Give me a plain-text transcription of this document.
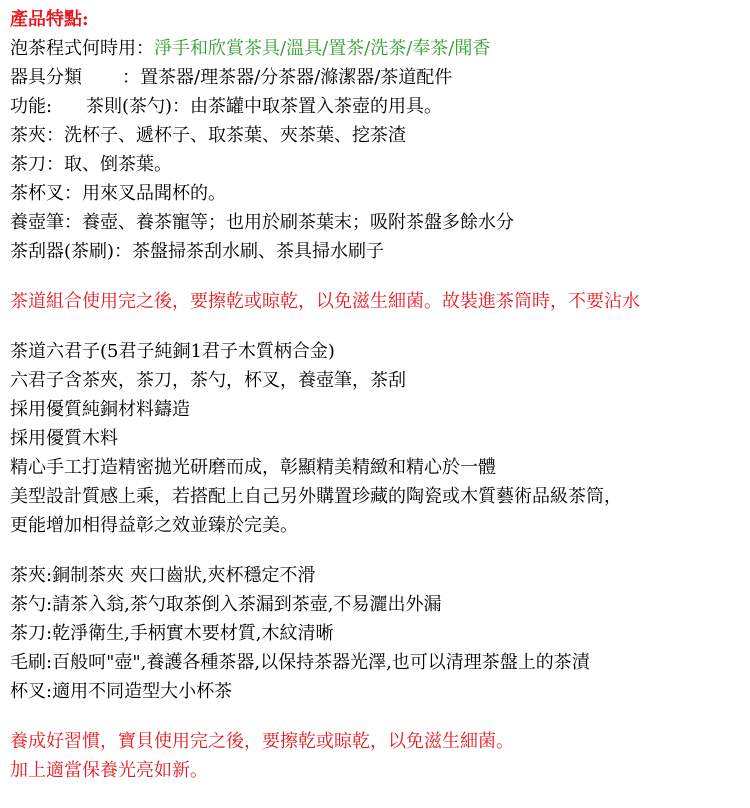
產品特點:
泡茶程式何時用：淨手和欣賞茶具/溫具/置茶/洗茶/奉茶/聞香
器具分類 ：置茶器/理茶器/分茶器/滌潔器/茶道配件
功能: 茶則(茶勺)：由茶罐中取茶置入茶壺的用具。
茶夾：洗杯子、遞杯子、取茶葉、夾茶葉、挖茶渣
茶刀：取、倒茶葉。
茶杯叉：用來叉品聞杯的。
養壺筆：養壺、養茶寵等；也用於刷茶葉末；吸附茶盤多餘水分
茶刮器(茶刷)：茶盤掃茶刮水刷、茶具掃水刷子
茶道組合使用完之後，要擦乾或晾乾，以免滋生細菌。故裝進茶筒時，不要沾水
茶道六君子(5君子純銅1君子木質柄合金)
六君子含茶夾，茶刀，茶勺，杯叉，養壺筆，茶刮
採用優質純銅材料鑄造
採用優質木料
精心手工打造精密拋光研磨而成，彰顯精美精緻和精心於一體
美型設計質感上乘，若搭配上自己另外購置珍藏的陶瓷或木質藝術品級茶筒，
更能增加相得益彰之效並臻於完美。
茶夾:銅制茶夾 夾口齒狀,夾杯穩定不滑
茶勺:請茶入翁,茶勺取茶倒入茶漏到茶壺,不易灑出外漏
茶刀:乾淨衛生,手柄實木要材質,木紋清晰
毛刷:百般呵"壺",養護各種茶器,以保持茶器光澤,也可以清理茶盤上的茶漬
杯叉:適用不同造型大小杯茶
養成好習慣，寶貝使用完之後，要擦乾或晾乾，以免滋生細菌。
加上適當保養光亮如新。
